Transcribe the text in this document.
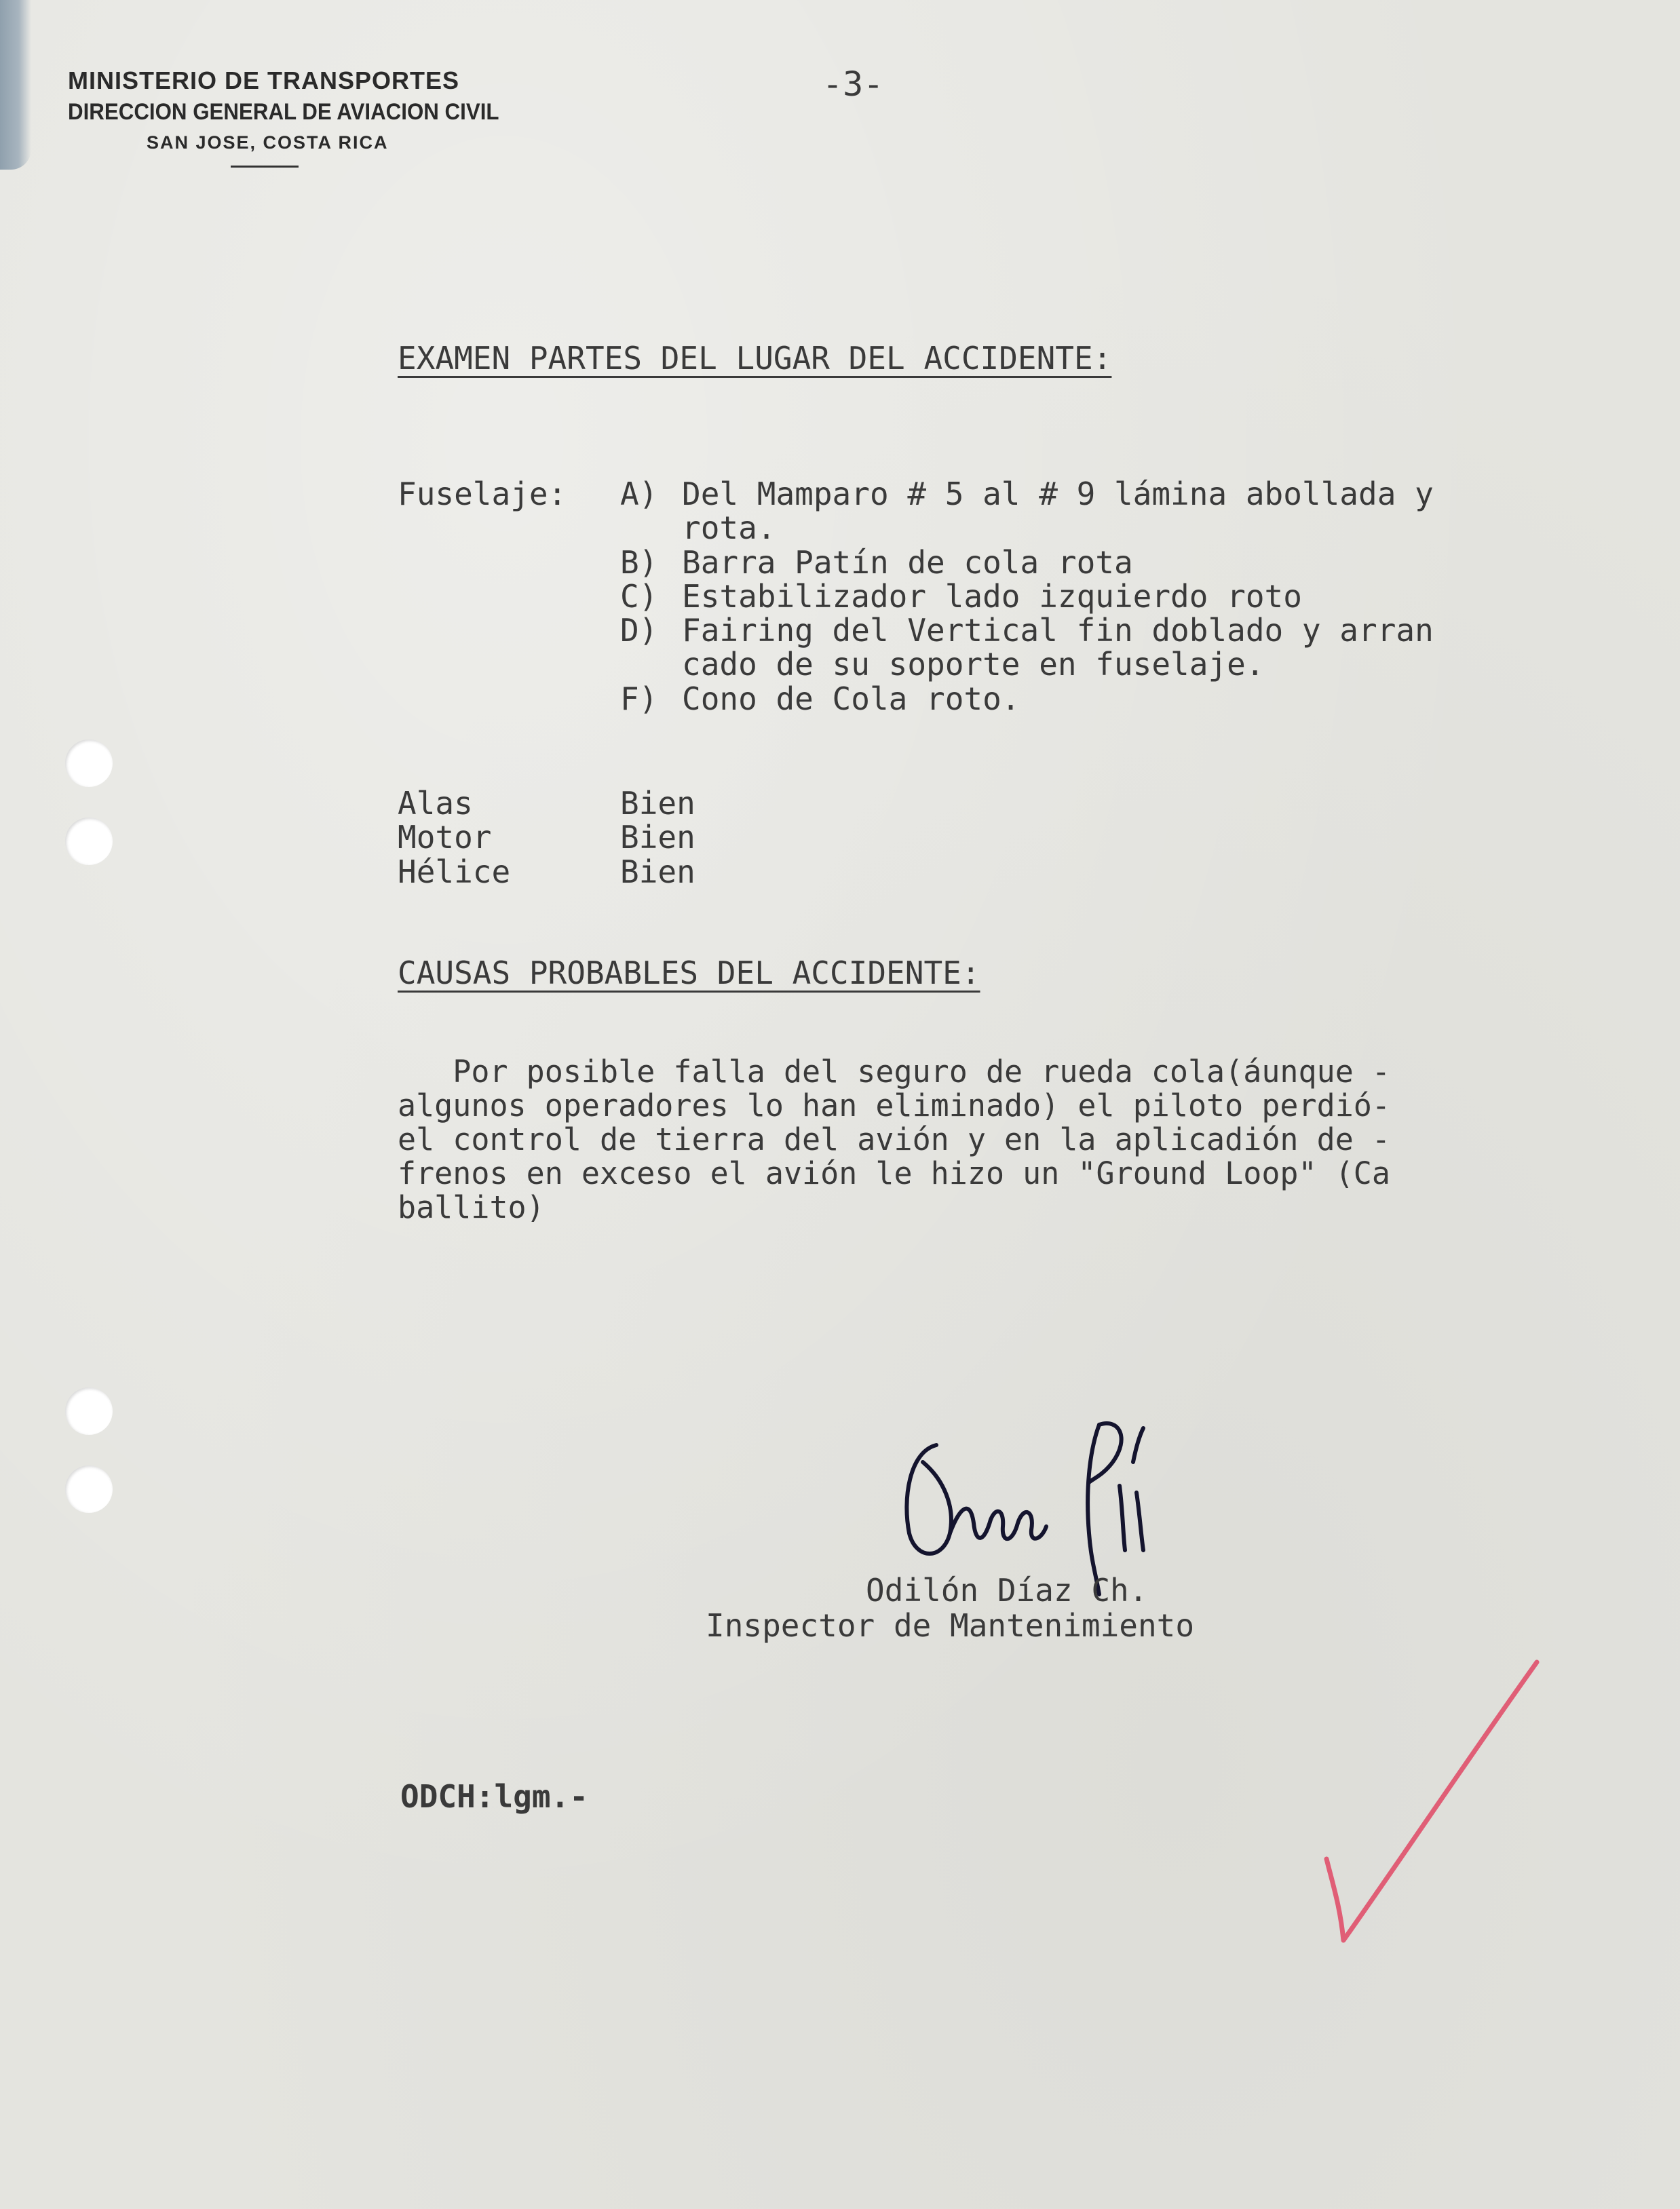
MINISTERIO DE TRANSPORTES
DIRECCION GENERAL DE AVIACION CIVIL
SAN JOSE, COSTA RICA
-3-
EXAMEN PARTES DEL LUGAR DEL ACCIDENTE:
Fuselaje: A) Del Mamparo # 5 al # 9 lámina abollada y
rota.
B) Barra Patín de cola rota
C) Estabilizador lado izquierdo roto
D) Fairing del Vertical fin doblado y arran
cado de su soporte en fuselaje.
F) Cono de Cola roto.
Alas	Bien
Motor	Bien
Hélice	Bien
CAUSAS PROBABLES DEL ACCIDENTE:
Por posible falla del seguro de rueda cola(áunque -
algunos operadores lo han eliminado) el piloto perdió-
el control de tierra del avión y en la aplicadión de -
frenos en exceso el avión le hizo un "Ground Loop" (Ca
ballito)
Odilón Díaz Ch.
Inspector de Mantenimiento
ODCH:lgm.-
